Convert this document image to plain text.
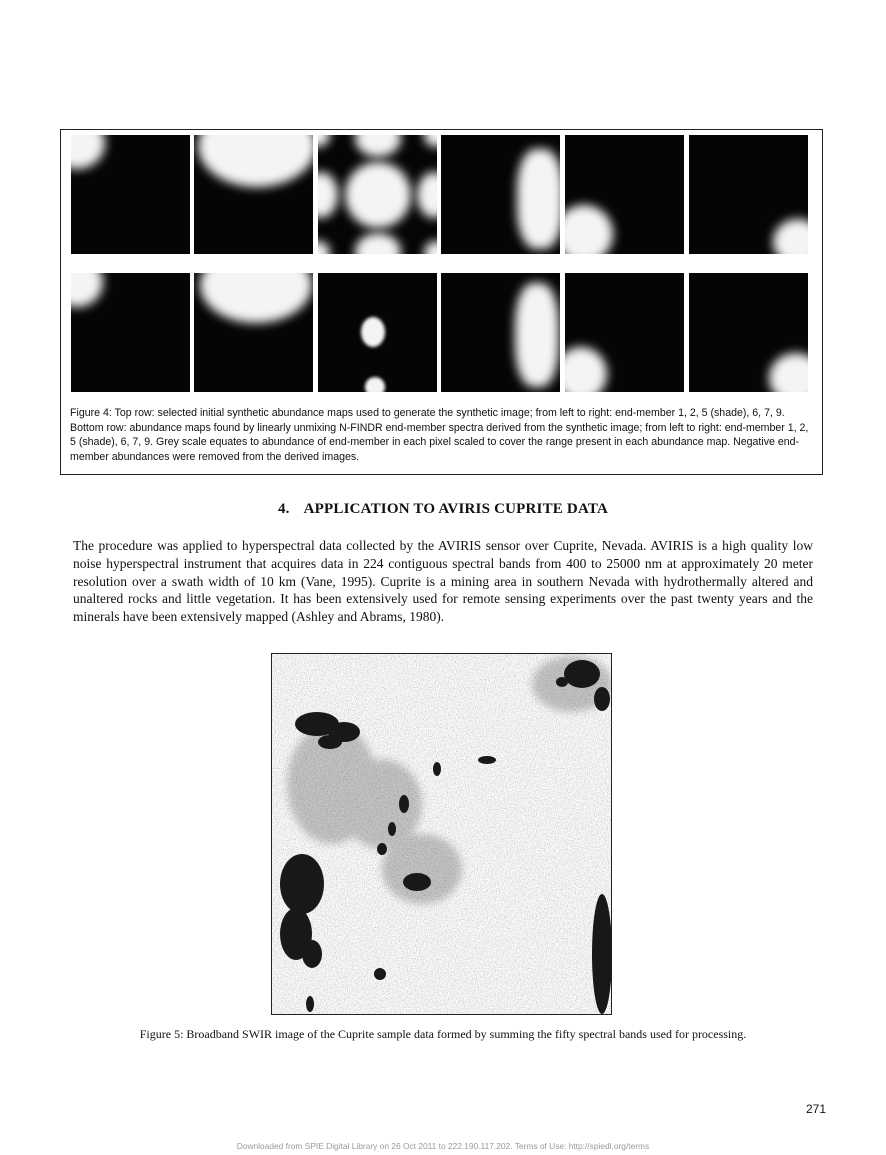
Figure 4: Top row: selected initial synthetic abundance maps used to generate the synthetic image; from left to right: end-member 1, 2, 5 (shade), 6, 7, 9. Bottom row: abundance maps found by linearly unmixing N-FINDR end-member spectra derived from the synthetic image; from left to right: end-member 1, 2, 5 (shade), 6, 7, 9. Grey scale equates to abundance of end-member in each pixel scaled to cover the range present in each abundance map. Negative end-member abundances were removed from the derived images.

4. APPLICATION TO AVIRIS CUPRITE DATA

The procedure was applied to hyperspectral data collected by the AVIRIS sensor over Cuprite, Nevada. AVIRIS is a high quality low noise hyperspectral instrument that acquires data in 224 contiguous spectral bands from 400 to 25000 nm at approximately 20 meter resolution over a swath width of 10 km (Vane, 1995). Cuprite is a mining area in southern Nevada with hydrothermally altered and unaltered rocks and little vegetation. It has been extensively used for remote sensing experiments over the past twenty years and the minerals have been extensively mapped (Ashley and Abrams, 1980).

Figure 5: Broadband SWIR image of the Cuprite sample data formed by summing the fifty spectral bands used for processing.

271
Downloaded from SPIE Digital Library on 26 Oct 2011 to 222.190.117.202. Terms of Use: http://spiedl.org/terms
